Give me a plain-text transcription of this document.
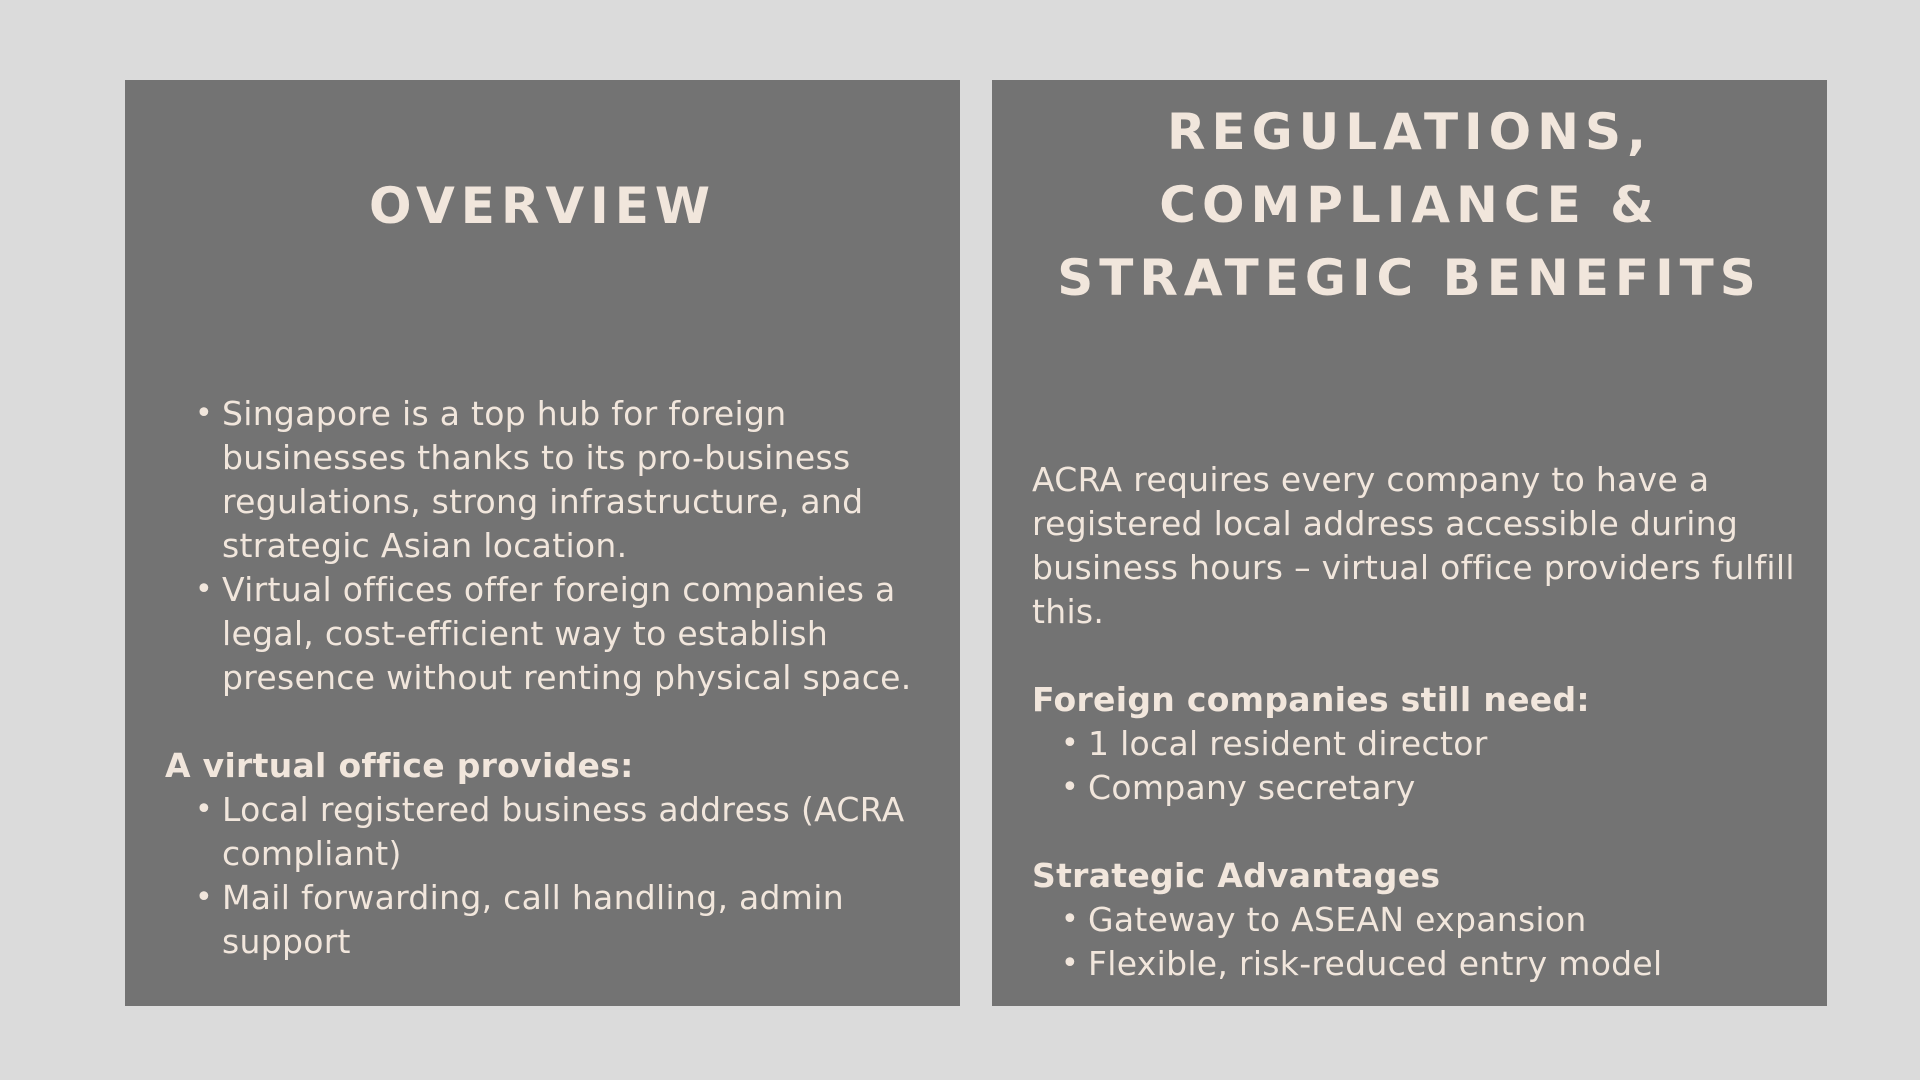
OVERVIEW
• Singapore is a top hub for foreign businesses thanks to its pro-business regulations, strong infrastructure, and strategic Asian location.
• Virtual offices offer foreign companies a legal, cost-efficient way to establish presence without renting physical space.
A virtual office provides:
• Local registered business address (ACRA compliant)
• Mail forwarding, call handling, admin support
REGULATIONS,
COMPLIANCE &
STRATEGIC BENEFITS
ACRA requires every company to have a registered local address accessible during business hours – virtual office providers fulfill this.
Foreign companies still need:
• 1 local resident director
• Company secretary
Strategic Advantages
• Gateway to ASEAN expansion
• Flexible, risk-reduced entry model
